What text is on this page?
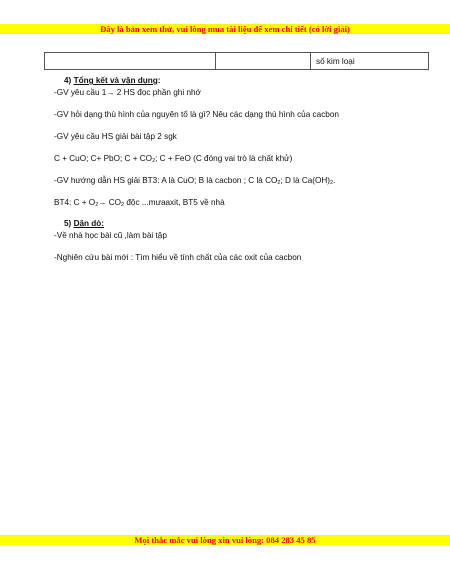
Đây là bản xem thử, vui lòng mua tài liệu để xem chi tiết (có lời giải)
số kim loại
4) Tổng kết và vận dụng:
-GV yêu cầu 1→ 2 HS đọc phần ghi nhớ
-GV hỏi dạng thù hình của nguyên tố là gì? Nêu các dạng thù hình của cacbon
-GV yêu cầu HS giải bài tập 2 sgk
C + CuO; C+ PbO; $C + CO_2$; C + FeO (C đóng vai trò là chất khử)
-GV hướng dẫn HS giải BT3: A là CuO; B là cacbon ; C là $CO_2$; D là $Ca(OH)_2$.
BT4: $C + O_2\to CO_2$ độc ...mưaaxit, BT5 về nhà
5) Dặn dò:
-Về nhà học bài cũ ,làm bài tập
-Nghiên cứu bài mới : Tìm hiểu về tính chất của các oxit của cacbon
Mọi thắc mắc vui lòng xin vui lòng: 084 283 45 85
